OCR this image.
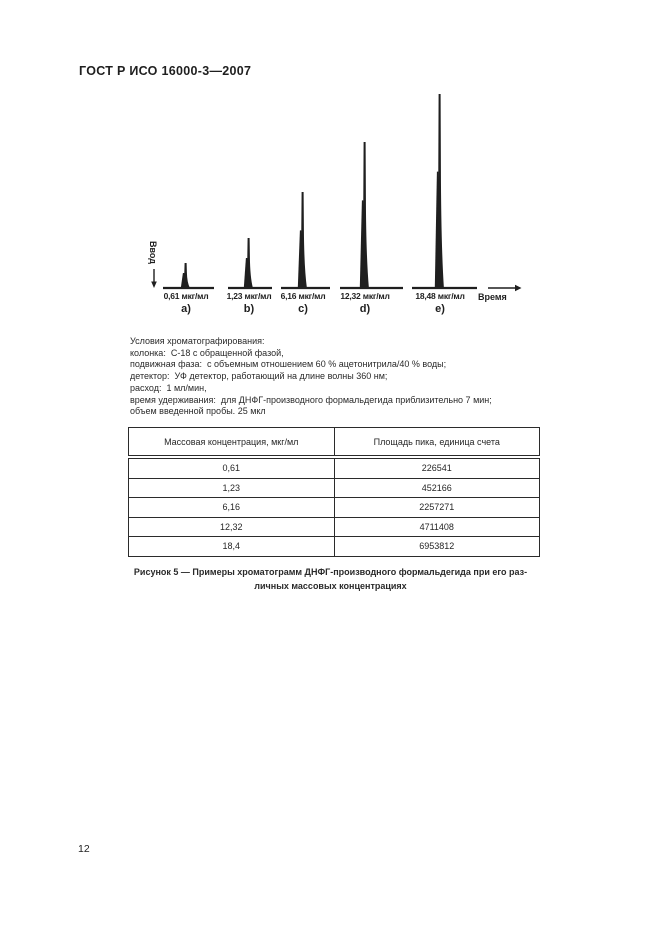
ГОСТ Р ИСО 16000-3—2007
Ввод
0,61 мкг/мл
a)
1,23 мкг/мл
b)
6,16 мкг/мл
c)
12,32 мкг/мл
d)
18,48 мкг/мл
e)
Время
Условия хроматографирования:
колонка:  С-18 с обращенной фазой,
подвижная фаза:  с объемным отношением 60 % ацетонитрила/40 % воды;
детектор:  УФ детектор, работающий на длине волны 360 нм;
расход:  1 мл/мин,
время удерживания:  для ДНФГ-производного формальдегида приблизительно 7 мин;
объем введенной пробы. 25 мкл
Массовая концентрация, мкг/мл	Площадь пика, единица счета
0,61	226541
1,23	452166
6,16	2257271
12,32	4711408
18,4	6953812
Рисунок 5 — Примеры хроматограмм ДНФГ-производного формальдегида при его раз-
личных массовых концентрациях
12
